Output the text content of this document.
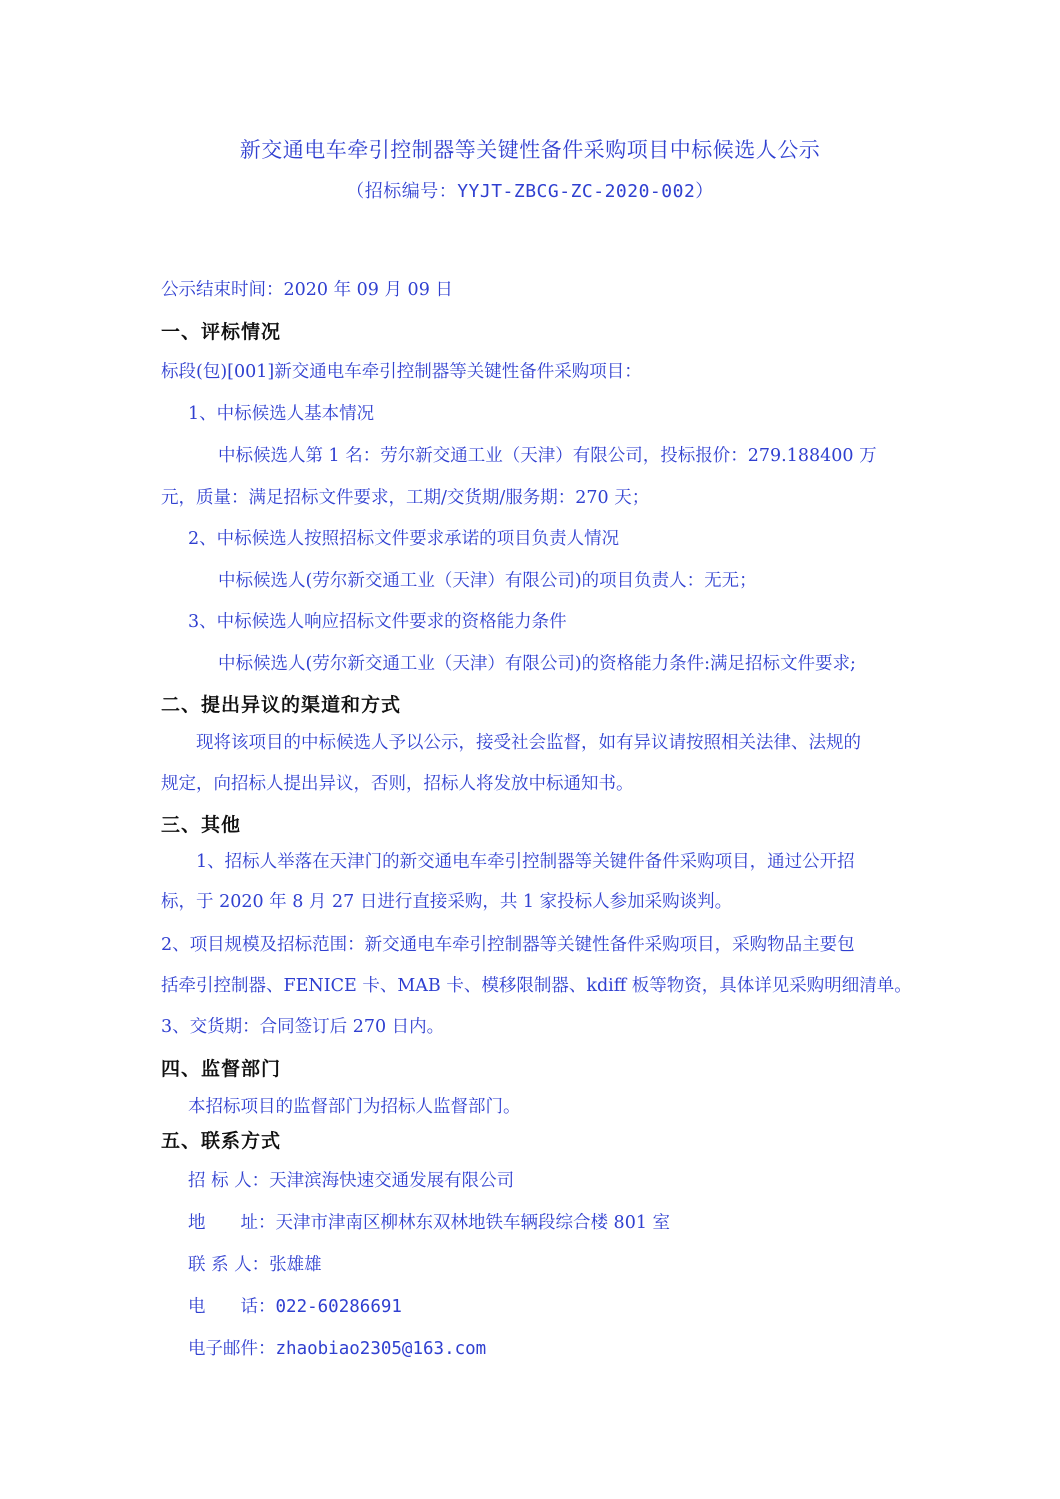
新交通电车牵引控制器等关键性备件采购项目中标候选人公示
（招标编号：YYJT-ZBCG-ZC-2020-002）
公示结束时间：2020 年 09 月 09 日
一、评标情况
标段(包)[001]新交通电车牵引控制器等关键性备件采购项目：
1、中标候选人基本情况
中标候选人第 1 名：劳尔新交通工业（天津）有限公司，投标报价：279.188400 万
元，质量：满足招标文件要求，工期/交货期/服务期：270 天；
2、中标候选人按照招标文件要求承诺的项目负责人情况
中标候选人(劳尔新交通工业（天津）有限公司)的项目负责人：无无；
3、中标候选人响应招标文件要求的资格能力条件
中标候选人(劳尔新交通工业（天津）有限公司)的资格能力条件:满足招标文件要求;
二、提出异议的渠道和方式
现将该项目的中标候选人予以公示，接受社会监督，如有异议请按照相关法律、法规的
规定，向招标人提出异议，否则，招标人将发放中标通知书。
三、其他
1、招标人举落在天津门的新交通电车牵引控制器等关键件备件采购项目，通过公开招
标，于 2020 年 8 月 27 日进行直接采购，共 1 家投标人参加采购谈判。
2、项目规模及招标范围：新交通电车牵引控制器等关键性备件采购项目，采购物品主要包
括牵引控制器、FENICE 卡、MAB 卡、模移限制器、kdiff 板等物资，具体详见采购明细清单。
3、交货期：合同签订后 270 日内。
四、监督部门
本招标项目的监督部门为招标人监督部门。
五、联系方式
招 标 人：天津滨海快速交通发展有限公司
地　　址：天津市津南区柳林东双林地铁车辆段综合楼 801 室
联 系 人：张雄雄
电　　话：022-60286691
电子邮件：zhaobiao2305@163.com
